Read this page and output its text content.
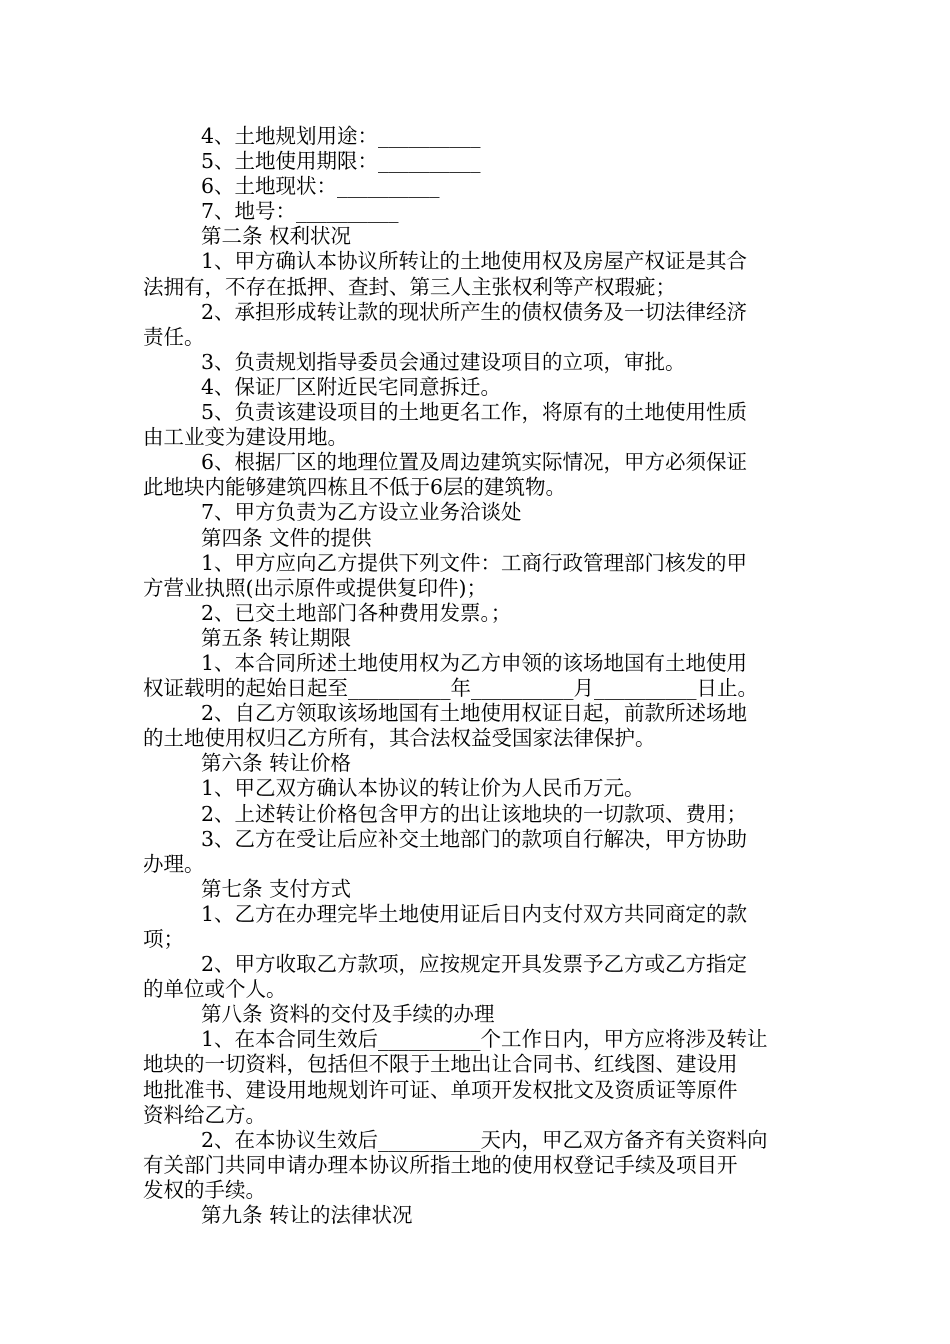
4、土地规划用途：__________

5、土地使用期限：__________

6、土地现状：__________

7、地号：__________

第二条 权利状况

1、甲方确认本协议所转让的土地使用权及房屋产权证是其合

法拥有，不存在抵押、查封、第三人主张权利等产权瑕疵；

2、承担形成转让款的现状所产生的债权债务及一切法律经济

责任。

3、负责规划指导委员会通过建设项目的立项，审批。

4、保证厂区附近民宅同意拆迁。

5、负责该建设项目的土地更名工作，将原有的土地使用性质

由工业变为建设用地。

6、根据厂区的地理位置及周边建筑实际情况，甲方必须保证

此地块内能够建筑四栋且不低于6层的建筑物。

7、甲方负责为乙方设立业务洽谈处

第四条 文件的提供

1、甲方应向乙方提供下列文件：工商行政管理部门核发的甲

方营业执照(出示原件或提供复印件)；

2、已交土地部门各种费用发票。；

第五条 转让期限

1、本合同所述土地使用权为乙方申领的该场地国有土地使用

权证载明的起始日起至__________年__________月__________日止。

2、自乙方领取该场地国有土地使用权证日起，前款所述场地

的土地使用权归乙方所有，其合法权益受国家法律保护。

第六条 转让价格

1、甲乙双方确认本协议的转让价为人民币万元。

2、上述转让价格包含甲方的出让该地块的一切款项、费用；

3、乙方在受让后应补交土地部门的款项自行解决，甲方协助

办理。

第七条 支付方式

1、乙方在办理完毕土地使用证后日内支付双方共同商定的款

项；

2、甲方收取乙方款项，应按规定开具发票予乙方或乙方指定

的单位或个人。

第八条 资料的交付及手续的办理

1、在本合同生效后__________个工作日内，甲方应将涉及转让

地块的一切资料，包括但不限于土地出让合同书、红线图、建设用

地批准书、建设用地规划许可证、单项开发权批文及资质证等原件

资料给乙方。

2、在本协议生效后__________天内，甲乙双方备齐有关资料向

有关部门共同申请办理本协议所指土地的使用权登记手续及项目开

发权的手续。

第九条 转让的法律状况
